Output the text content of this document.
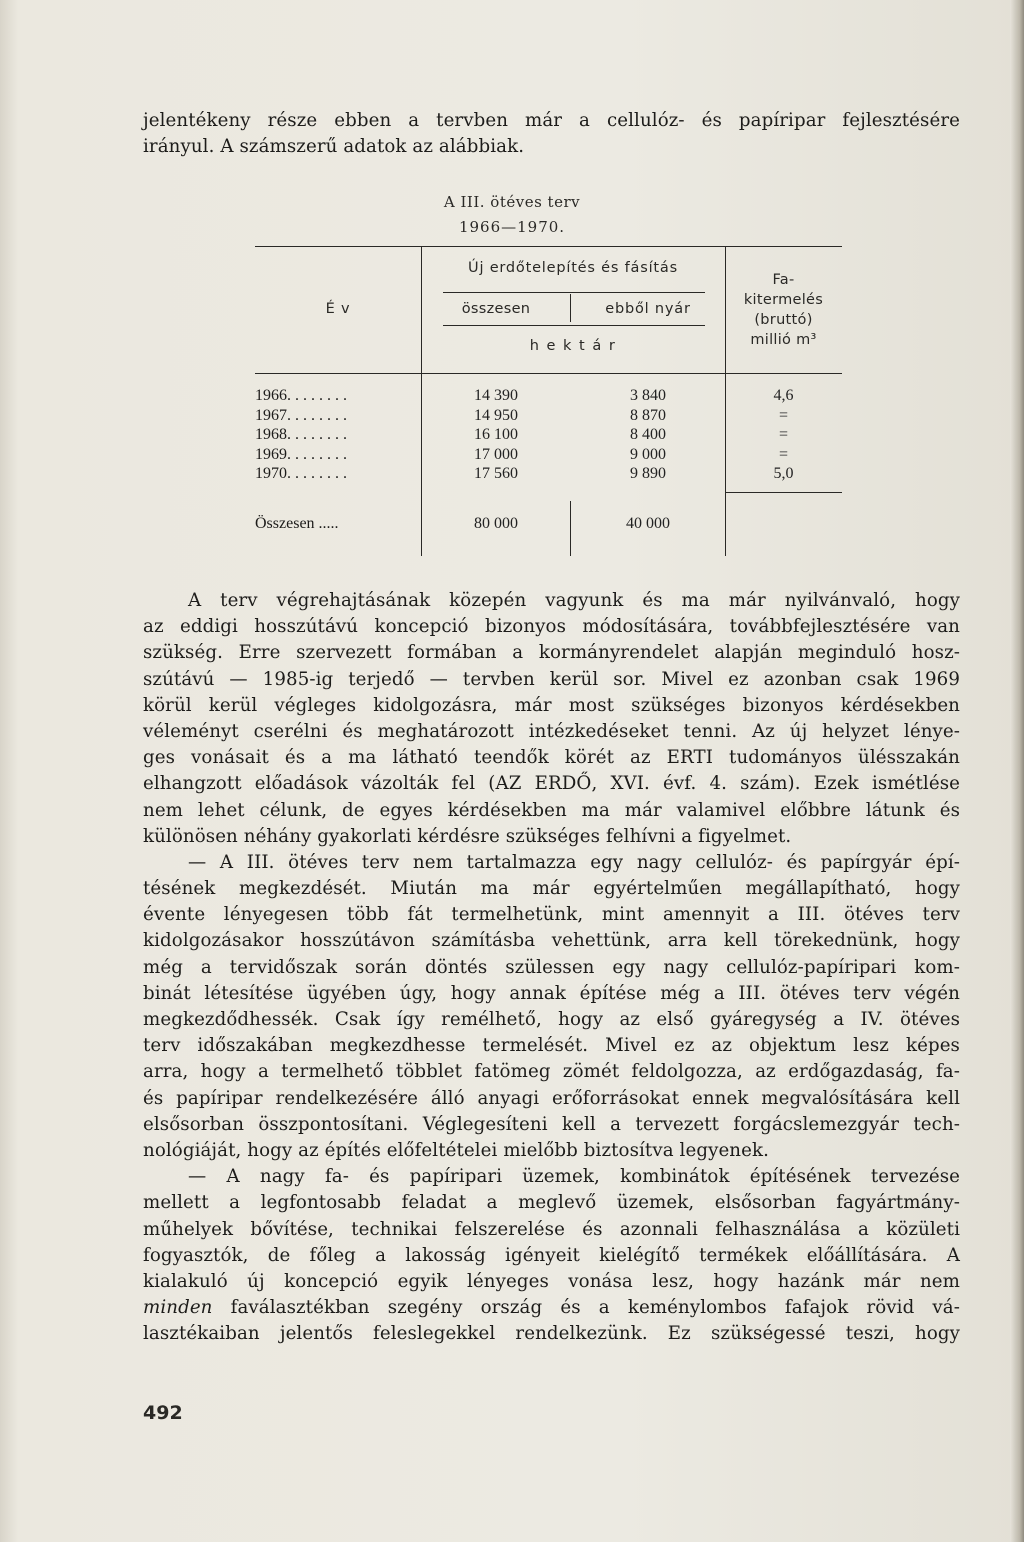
jelentékeny része ebben a tervben már a cellulóz- és papíripar fejlesztésére
irányul. A számszerű adatok az alábbiak.
A III. ötéves terv
1966—1970.
É v
Új erdőtelepítés és fásítás
összesen	ebből nyár
h e k t á r
Fa-
kitermelés
(bruttó)
millió m³
1966. . . . . . . .	14 390	3 840	4,6
1967. . . . . . . .	14 950	8 870	=
1968. . . . . . . .	16 100	8 400	=
1969. . . . . . . .	17 000	9 000	=
1970. . . . . . . .	17 560	9 890	5,0
Összesen .....	80 000	40 000
A terv végrehajtásának közepén vagyunk és ma már nyilvánvaló, hogy
az eddigi hosszútávú koncepció bizonyos módosítására, továbbfejlesztésére van
szükség. Erre szervezett formában a kormányrendelet alapján meginduló hosz-
szútávú — 1985-ig terjedő — tervben kerül sor. Mivel ez azonban csak 1969
körül kerül végleges kidolgozásra, már most szükséges bizonyos kérdésekben
véleményt cserélni és meghatározott intézkedéseket tenni. Az új helyzet lénye-
ges vonásait és a ma látható teendők körét az ERTI tudományos ülésszakán
elhangzott előadások vázolták fel (AZ ERDŐ, XVI. évf. 4. szám). Ezek ismétlése
nem lehet célunk, de egyes kérdésekben ma már valamivel előbbre látunk és
különösen néhány gyakorlati kérdésre szükséges felhívni a figyelmet.
— A III. ötéves terv nem tartalmazza egy nagy cellulóz- és papírgyár épí-
tésének megkezdését. Miután ma már egyértelműen megállapítható, hogy
évente lényegesen több fát termelhetünk, mint amennyit a III. ötéves terv
kidolgozásakor hosszútávon számításba vehettünk, arra kell törekednünk, hogy
még a tervidőszak során döntés szülessen egy nagy cellulóz-papíripari kom-
binát létesítése ügyében úgy, hogy annak építése még a III. ötéves terv végén
megkezdődhessék. Csak így remélhető, hogy az első gyáregység a IV. ötéves
terv időszakában megkezdhesse termelését. Mivel ez az objektum lesz képes
arra, hogy a termelhető többlet fatömeg zömét feldolgozza, az erdőgazdaság, fa-
és papíripar rendelkezésére álló anyagi erőforrásokat ennek megvalósítására kell
elsősorban összpontosítani. Véglegesíteni kell a tervezett forgácslemezgyár tech-
nológiáját, hogy az építés előfeltételei mielőbb biztosítva legyenek.
— A nagy fa- és papíripari üzemek, kombinátok építésének tervezése
mellett a legfontosabb feladat a meglevő üzemek, elsősorban fagyártmány-
műhelyek bővítése, technikai felszerelése és azonnali felhasználása a közületi
fogyasztók, de főleg a lakosság igényeit kielégítő termékek előállítására. A
kialakuló új koncepció egyik lényeges vonása lesz, hogy hazánk már nem
minden faválasztékban szegény ország és a keménylombos fafajok rövid vá-
lasztékaiban jelentős feleslegekkel rendelkezünk. Ez szükségessé teszi, hogy
492
